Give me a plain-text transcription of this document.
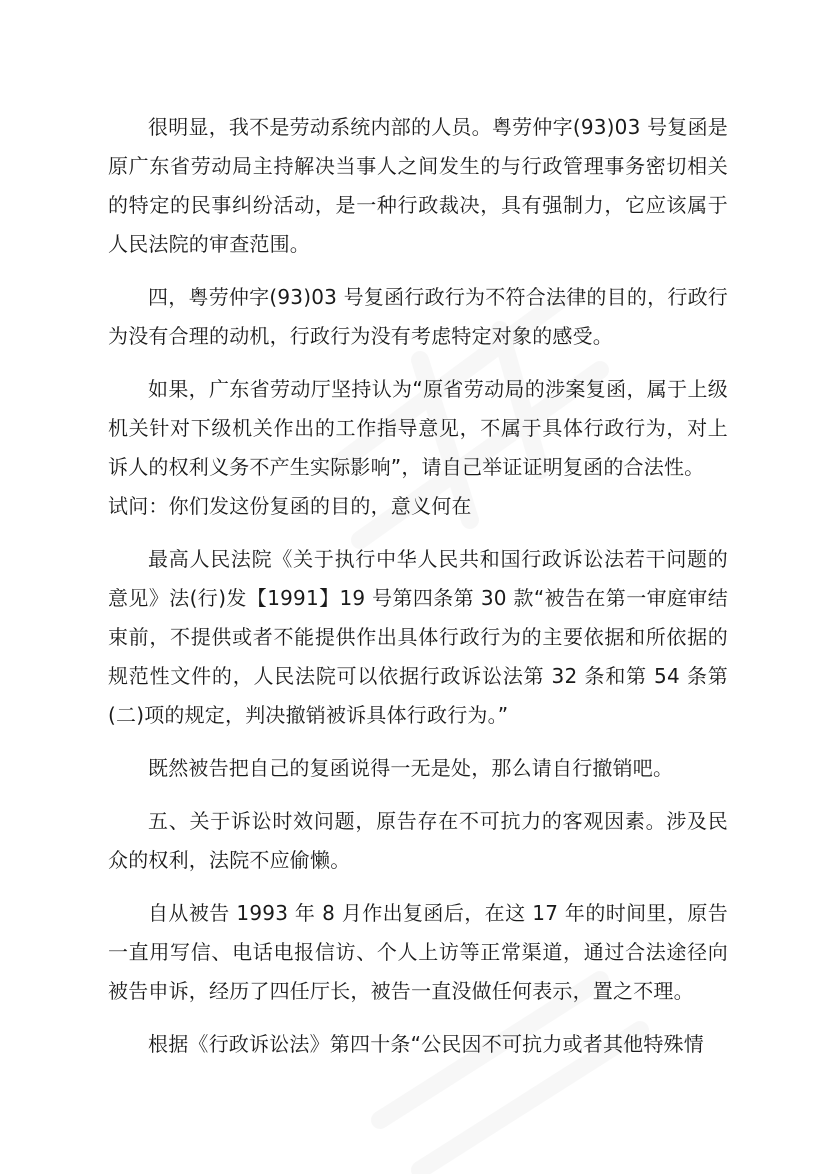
很明显，我不是劳动系统内部的人员。粤劳仲字(93)03 号复函是原广东省劳动局主持解决当事人之间发生的与行政管理事务密切相关的特定的民事纠纷活动，是一种行政裁决，具有强制力，它应该属于人民法院的审查范围。

四，粤劳仲字(93)03 号复函行政行为不符合法律的目的，行政行为没有合理的动机，行政行为没有考虑特定对象的感受。

如果，广东省劳动厅坚持认为“原省劳动局的涉案复函，属于上级机关针对下级机关作出的工作指导意见，不属于具体行政行为，对上诉人的权利义务不产生实际影响”，请自己举证证明复函的合法性。

试问：你们发这份复函的目的，意义何在

最高人民法院《关于执行中华人民共和国行政诉讼法若干问题的意见》法(行)发【1991】19 号第四条第 30 款“被告在第一审庭审结束前，不提供或者不能提供作出具体行政行为的主要依据和所依据的规范性文件的，人民法院可以依据行政诉讼法第 32 条和第 54 条第(二)项的规定，判决撤销被诉具体行政行为。”

既然被告把自己的复函说得一无是处，那么请自行撤销吧。

五、关于诉讼时效问题，原告存在不可抗力的客观因素。涉及民众的权利，法院不应偷懒。

自从被告 1993 年 8 月作出复函后，在这 17 年的时间里，原告一直用写信、电话电报信访、个人上访等正常渠道，通过合法途径向被告申诉，经历了四任厅长，被告一直没做任何表示，置之不理。

根据《行政诉讼法》第四十条“公民因不可抗力或者其他特殊情
